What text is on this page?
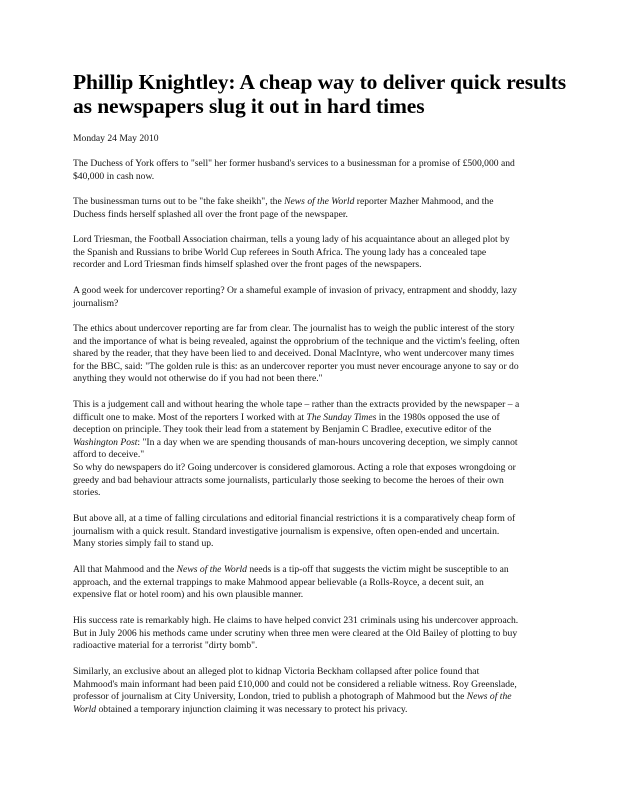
Phillip Knightley: A cheap way to deliver quick results
as newspapers slug it out in hard times
Monday 24 May 2010

The Duchess of York offers to "sell" her former husband's services to a businessman for a promise of £500,000 and
$40,000 in cash now.

The businessman turns out to be "the fake sheikh", the News of the World reporter Mazher Mahmood, and the
Duchess finds herself splashed all over the front page of the newspaper.

Lord Triesman, the Football Association chairman, tells a young lady of his acquaintance about an alleged plot by
the Spanish and Russians to bribe World Cup referees in South Africa. The young lady has a concealed tape
recorder and Lord Triesman finds himself splashed over the front pages of the newspapers.

A good week for undercover reporting? Or a shameful example of invasion of privacy, entrapment and shoddy, lazy
journalism?

The ethics about undercover reporting are far from clear. The journalist has to weigh the public interest of the story
and the importance of what is being revealed, against the opprobrium of the technique and the victim's feeling, often
shared by the reader, that they have been lied to and deceived. Donal MacIntyre, who went undercover many times
for the BBC, said: "The golden rule is this: as an undercover reporter you must never encourage anyone to say or do
anything they would not otherwise do if you had not been there."

This is a judgement call and without hearing the whole tape – rather than the extracts provided by the newspaper – a
difficult one to make. Most of the reporters I worked with at The Sunday Times in the 1980s opposed the use of
deception on principle. They took their lead from a statement by Benjamin C Bradlee, executive editor of the
Washington Post: "In a day when we are spending thousands of man-hours uncovering deception, we simply cannot
afford to deceive."

So why do newspapers do it? Going undercover is considered glamorous. Acting a role that exposes wrongdoing or
greedy and bad behaviour attracts some journalists, particularly those seeking to become the heroes of their own
stories.

But above all, at a time of falling circulations and editorial financial restrictions it is a comparatively cheap form of
journalism with a quick result. Standard investigative journalism is expensive, often open-ended and uncertain.
Many stories simply fail to stand up.

All that Mahmood and the News of the World needs is a tip-off that suggests the victim might be susceptible to an
approach, and the external trappings to make Mahmood appear believable (a Rolls-Royce, a decent suit, an
expensive flat or hotel room) and his own plausible manner.

His success rate is remarkably high. He claims to have helped convict 231 criminals using his undercover approach.
But in July 2006 his methods came under scrutiny when three men were cleared at the Old Bailey of plotting to buy
radioactive material for a terrorist "dirty bomb".

Similarly, an exclusive about an alleged plot to kidnap Victoria Beckham collapsed after police found that
Mahmood's main informant had been paid £10,000 and could not be considered a reliable witness. Roy Greenslade,
professor of journalism at City University, London, tried to publish a photograph of Mahmood but the News of the
World obtained a temporary injunction claiming it was necessary to protect his privacy.
